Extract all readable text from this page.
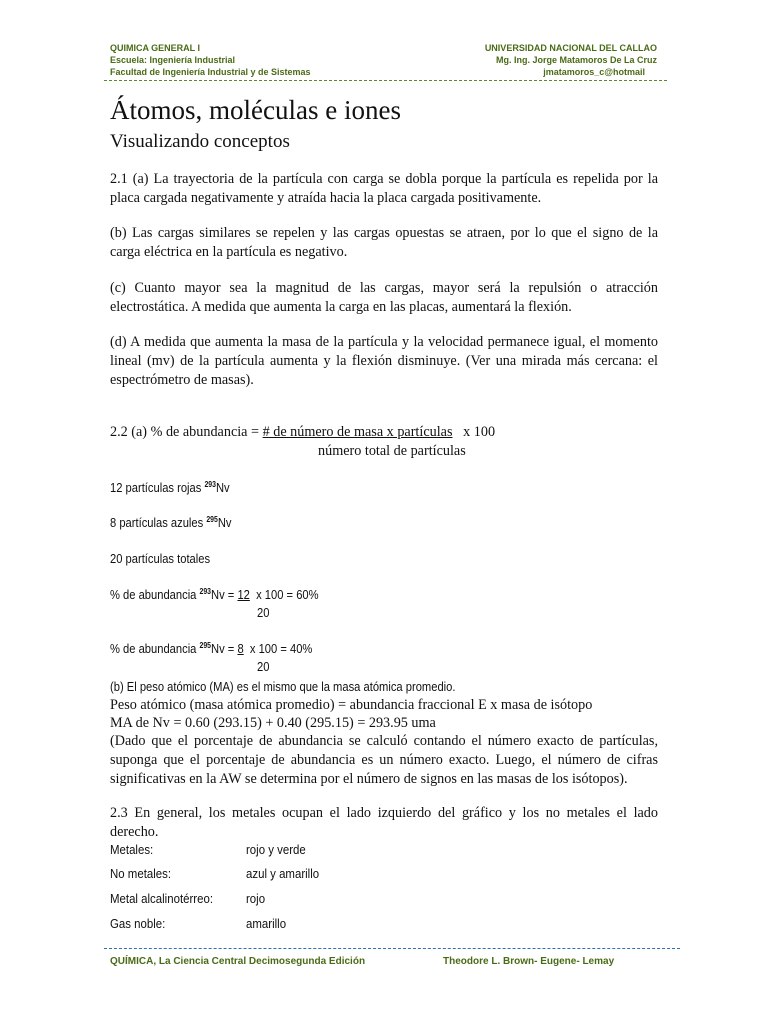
QUIMICA GENERAL I
Escuela: Ingeniería Industrial
Facultad de Ingeniería Industrial y de Sistemas
UNIVERSIDAD NACIONAL DEL CALLAO
Mg. Ing. Jorge Matamoros De La Cruz
jmatamoros_c@hotmail
Átomos, moléculas e iones
Visualizando conceptos
2.1 (a) La trayectoria de la partícula con carga se dobla porque la partícula es repelida por la placa cargada negativamente y atraída hacia la placa cargada positivamente.
(b) Las cargas similares se repelen y las cargas opuestas se atraen, por lo que el signo de la carga eléctrica en la partícula es negativo.
(c) Cuanto mayor sea la magnitud de las cargas, mayor será la repulsión o atracción electrostática. A medida que aumenta la carga en las placas, aumentará la flexión.
(d) A medida que aumenta la masa de la partícula y la velocidad permanece igual, el momento lineal (mv) de la partícula aumenta y la flexión disminuye. (Ver una mirada más cercana: el espectrómetro de masas).
2.2 (a) % de abundancia = # de número de masa x partículas x 100
número total de partículas
12 partículas rojas $^{293}$Nv
8 partículas azules $^{295}$Nv
20 partículas totales
% de abundancia $^{293}$Nv = 12 x 100 = 60%
20
% de abundancia $^{295}$Nv = 8 x 100 = 40%
20
(b) El peso atómico (MA) es el mismo que la masa atómica promedio.
Peso atómico (masa atómica promedio) = abundancia fraccional E x masa de isótopo
MA de Nv = 0.60 (293.15) + 0.40 (295.15) = 293.95 uma
(Dado que el porcentaje de abundancia se calculó contando el número exacto de partículas, suponga que el porcentaje de abundancia es un número exacto. Luego, el número de cifras significativas en la AW se determina por el número de signos en las masas de los isótopos).
2.3 En general, los metales ocupan el lado izquierdo del gráfico y los no metales el lado derecho.
Metales:	rojo y verde
No metales:	azul y amarillo
Metal alcalinotérreo:	rojo
Gas noble:	amarillo
QUÍMICA, La Ciencia Central Decimosegunda Edición	Theodore L. Brown- Eugene- Lemay
